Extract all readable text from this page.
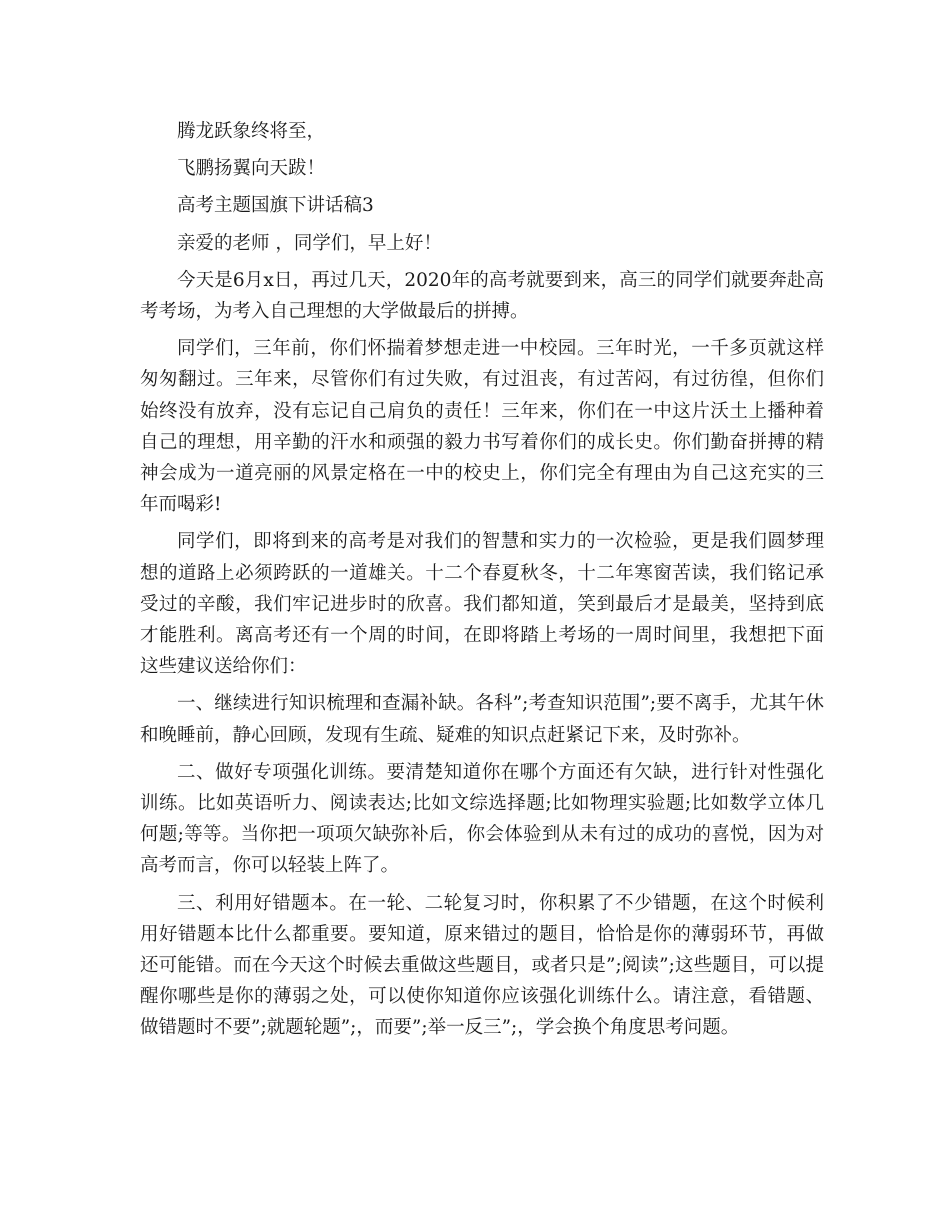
腾龙跃象终将至，

飞鹏扬翼向天跋！

高考主题国旗下讲话稿3

亲爱的老师 ，同学们，早上好！

今天是6月x日，再过几天，2020年的高考就要到来，高三的同学们就要奔赴高考考场，为考入自己理想的大学做最后的拼搏。

同学们，三年前，你们怀揣着梦想走进一中校园。三年时光，一千多页就这样匆匆翻过。三年来，尽管你们有过失败，有过沮丧，有过苦闷，有过彷徨，但你们始终没有放弃，没有忘记自己肩负的责任！三年来，你们在一中这片沃土上播种着自己的理想，用辛勤的汗水和顽强的毅力书写着你们的成长史。你们勤奋拼搏的精神会成为一道亮丽的风景定格在一中的校史上，你们完全有理由为自己这充实的三年而喝彩!

同学们，即将到来的高考是对我们的智慧和实力的一次检验，更是我们圆梦理想的道路上必须跨跃的一道雄关。十二个春夏秋冬，十二年寒窗苦读，我们铭记承受过的辛酸，我们牢记进步时的欣喜。我们都知道，笑到最后才是最美，坚持到底才能胜利。离高考还有一个周的时间，在即将踏上考场的一周时间里，我想把下面这些建议送给你们：

一、继续进行知识梳理和查漏补缺。各科”;考查知识范围”;要不离手，尤其午休和晚睡前，静心回顾，发现有生疏、疑难的知识点赶紧记下来，及时弥补。

二、做好专项强化训练。要清楚知道你在哪个方面还有欠缺，进行针对性强化训练。比如英语听力、阅读表达;比如文综选择题;比如物理实验题;比如数学立体几何题;等等。当你把一项项欠缺弥补后，你会体验到从未有过的成功的喜悦，因为对高考而言，你可以轻装上阵了。

三、利用好错题本。在一轮、二轮复习时，你积累了不少错题，在这个时候利用好错题本比什么都重要。要知道，原来错过的题目，恰恰是你的薄弱环节，再做还可能错。而在今天这个时候去重做这些题目，或者只是”;阅读”;这些题目，可以提醒你哪些是你的薄弱之处，可以使你知道你应该强化训练什么。请注意，看错题、做错题时不要”;就题轮题”;，而要”;举一反三”;，学会换个角度思考问题。
